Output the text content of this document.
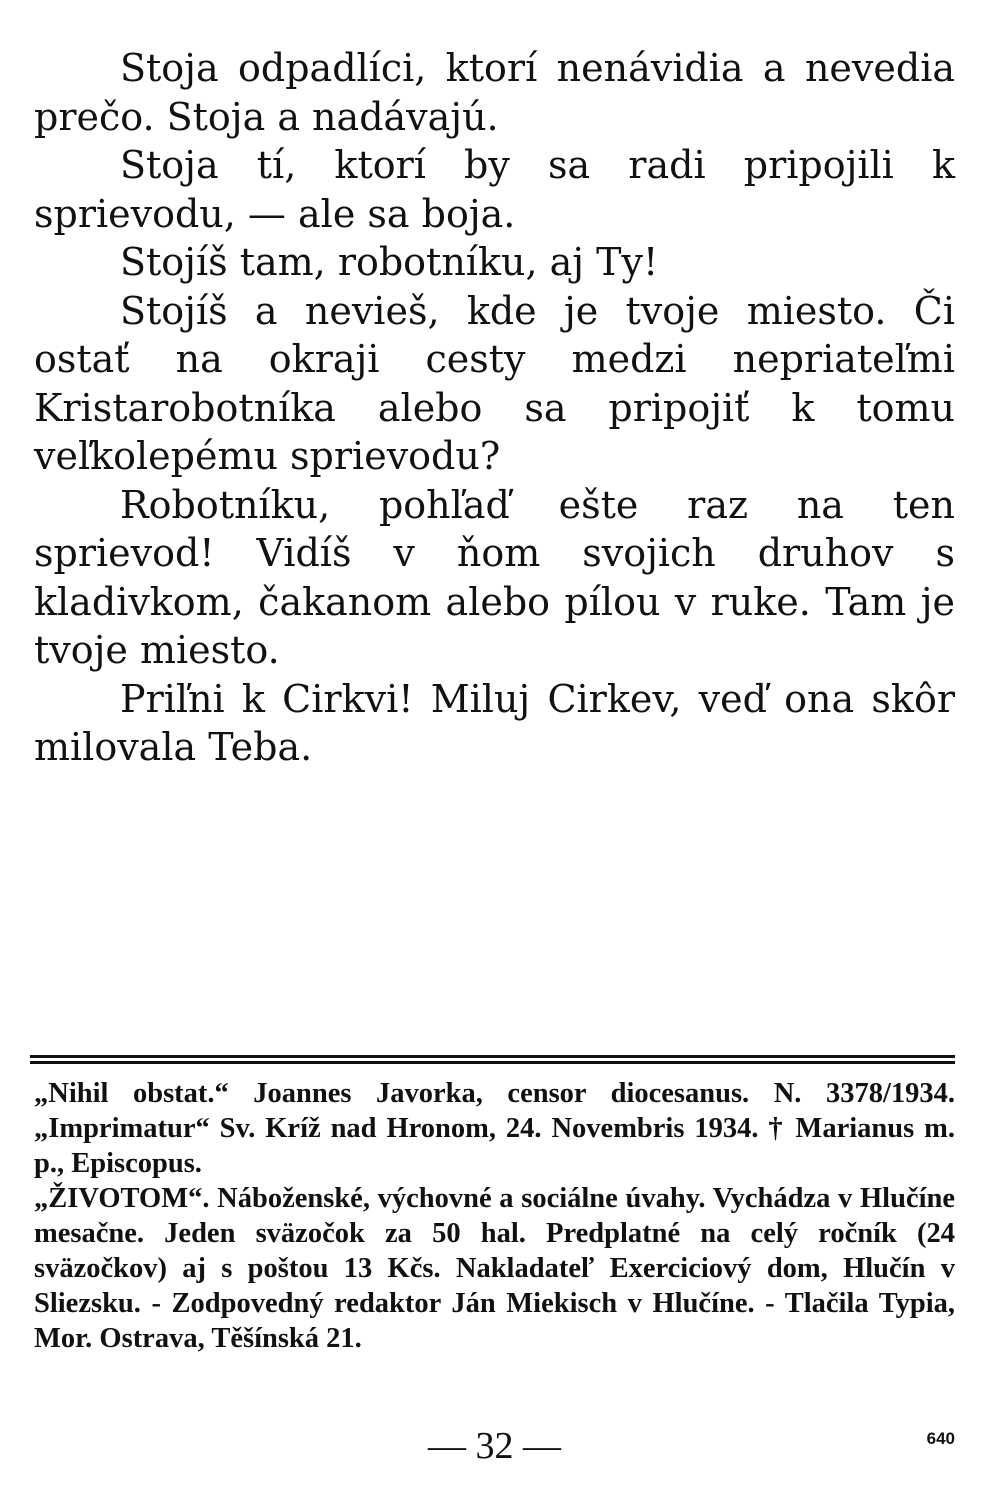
Stoja odpadlíci, ktorí nenávidia a nevedia prečo. Stoja a nadávajú.

Stoja tí, ktorí by sa radi pripojili k sprievodu, — ale sa boja.

Stojíš tam, robotníku, aj Ty!

Stojíš a nevieš, kde je tvoje miesto. Či ostať na okraji cesty medzi nepriateľmi Kristarobotníka alebo sa pripojiť k tomu veľkolepému sprievodu?

Robotníku, pohľaď ešte raz na ten sprievod! Vidíš v ňom svojich druhov s kladivkom, čakanom alebo pílou v ruke. Tam je tvoje miesto.

Priľni k Cirkvi! Miluj Cirkev, veď ona skôr milovala Teba.

„Nihil obstat.“ Joannes Javorka, censor diocesanus. N. 3378/1934. „Imprimatur“ Sv. Kríž nad Hronom, 24. Novembris 1934. † Marianus m. p., Episcopus.

„ŽIVOTOM“. Náboženské, výchovné a sociálne úvahy. Vychádza v Hlučíne mesačne. Jeden sväzočok za 50 hal. Predplatné na celý ročník (24 sväzočkov) aj s poštou 13 Kčs. Nakladateľ Exerciciový dom, Hlučín v Sliezsku. - Zodpovedný redaktor Ján Miekisch v Hlučíne. - Tlačila Typia, Mor. Ostrava, Těšínská 21.

— 32 —	640
